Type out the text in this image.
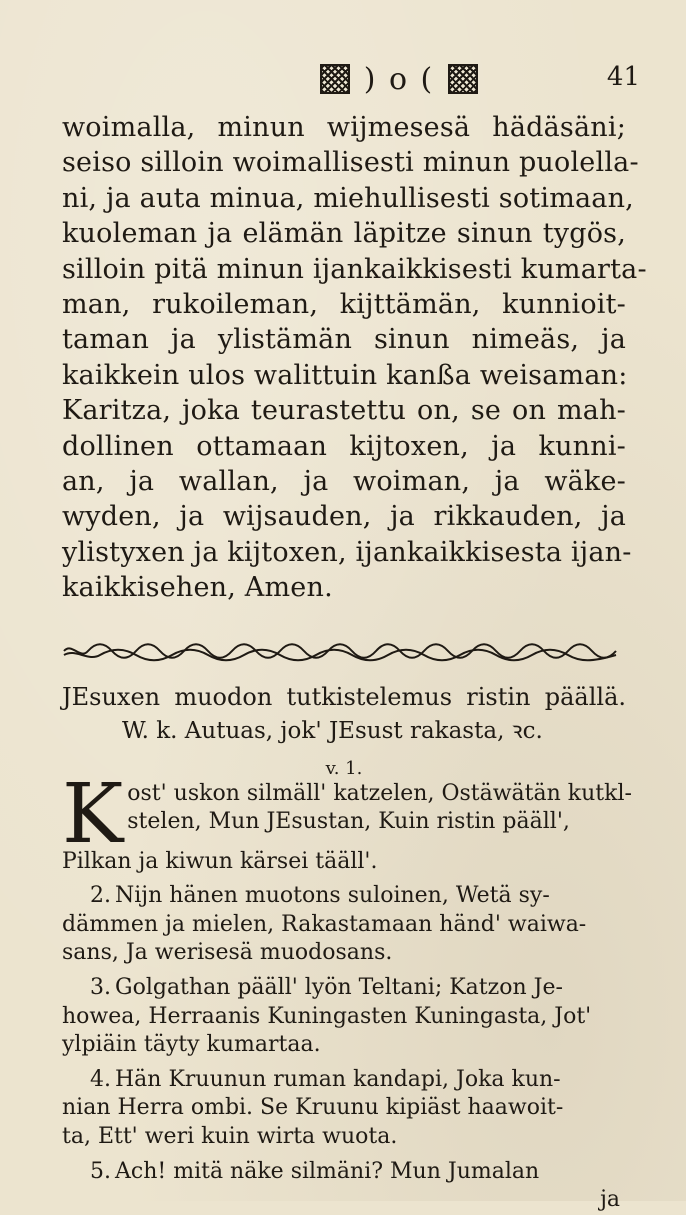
) o (	41
woimalla, minun wijmesesä hädäsäni;
seiso silloin woimallisesti minun puolella-
ni, ja auta minua, miehullisesti sotimaan,
kuoleman ja elämän läpitze sinun tygös,
silloin pitä minun ijankaikkisesti kumarta-
man, rukoileman, kijttämän, kunnioit-
taman ja ylistämän sinun nimeäs, ja
kaikkein ulos walittuin kanßa weisaman:
Karitza, joka teurastettu on, se on mah-
dollinen ottamaan kijtoxen, ja kunni-
an, ja wallan, ja woiman, ja wäke-
wyden, ja wijsauden, ja rikkauden, ja
ylistyxen ja kijtoxen, ijankaikkisesta ijan-
kaikkisehen, Amen.
JEsuxen muodon tutkistelemus ristin päällä.
W. k. Autuas, jok' JEsust rakasta, ꝛc.
v. 1.
K ost' uskon silmäll' katzelen, Ostäwätän kutkl-
stelen, Mun JEsustan, Kuin ristin pääll',
Pilkan ja kiwun kärsei tääll'.
2. Nijn hänen muotons suloinen, Wetä sy-
dämmen ja mielen, Rakastamaan händ' waiwa-
sans, Ja werisesä muodosans.
3. Golgathan pääll' lyön Teltani; Katzon Je-
howea, Herraanis Kuningasten Kuningasta, Jot'
ylpiäin täyty kumartaa.
4. Hän Kruunun ruman kandapi, Joka kun-
nian Herra ombi. Se Kruunu kipiäst haawoit-
ta, Ett' weri kuin wirta wuota.
5. Ach! mitä näke silmäni? Mun Jumalan
ja
